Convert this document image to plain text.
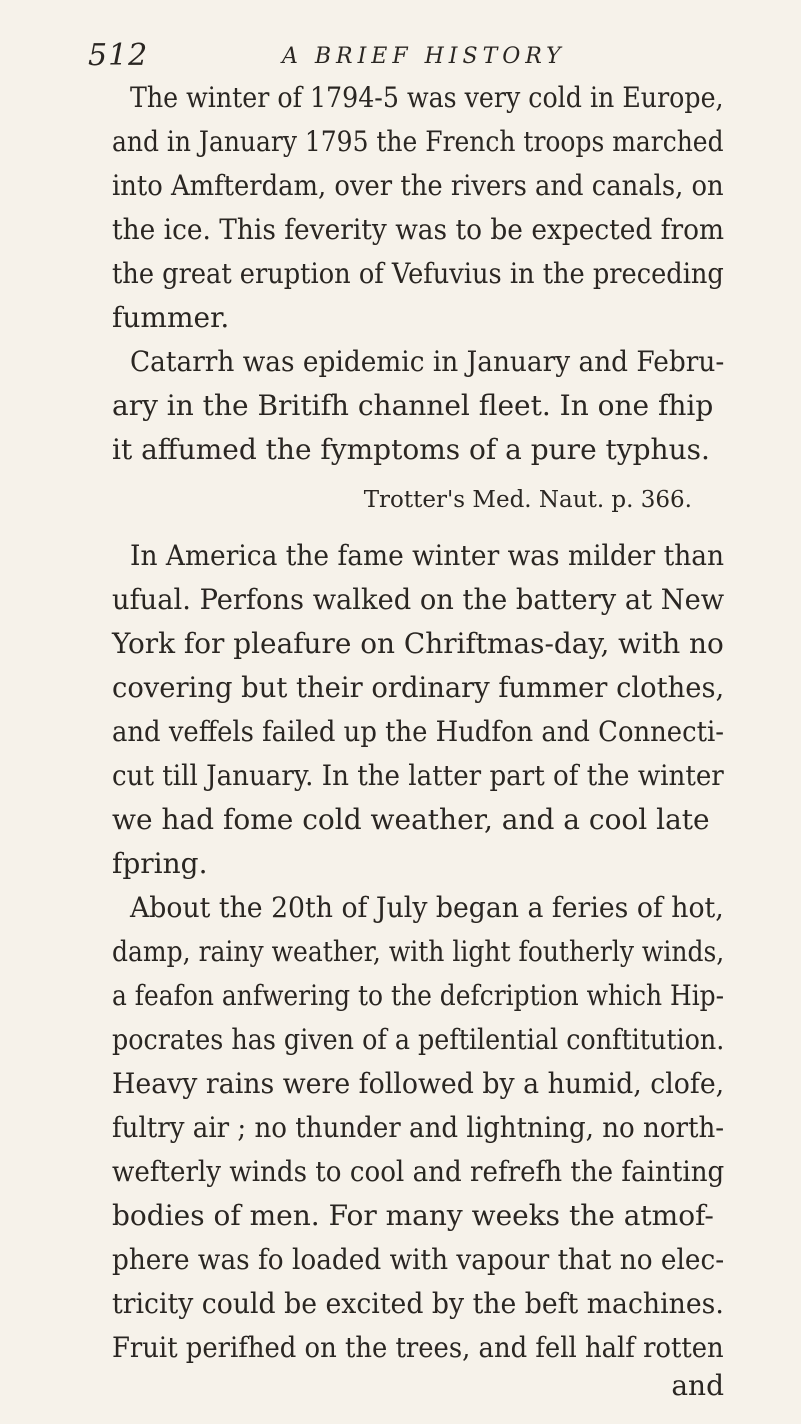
512	A BRIEF HISTORY
The winter of 1794-5 was very cold in Europe,
and in January 1795 the French troops marched
into Amfterdam, over the rivers and canals, on
the ice. This feverity was to be expected from
the great eruption of Vefuvius in the preceding
fummer.
Catarrh was epidemic in January and Febru-
ary in the Britifh channel fleet. In one fhip
it affumed the fymptoms of a pure typhus.
Trotter's Med. Naut. p. 366.
In America the fame winter was milder than
ufual. Perfons walked on the battery at New
York for pleafure on Chriftmas-day, with no
covering but their ordinary fummer clothes,
and veffels failed up the Hudfon and Connecti-
cut till January. In the latter part of the winter
we had fome cold weather, and a cool late
fpring.
About the 20th of July began a feries of hot,
damp, rainy weather, with light foutherly winds,
a feafon anfwering to the defcription which Hip-
pocrates has given of a peftilential conftitution.
Heavy rains were followed by a humid, clofe,
fultry air ; no thunder and lightning, no north-
wefterly winds to cool and refrefh the fainting
bodies of men. For many weeks the atmof-
phere was fo loaded with vapour that no elec-
tricity could be excited by the beft machines.
Fruit perifhed on the trees, and fell half rotten
and
